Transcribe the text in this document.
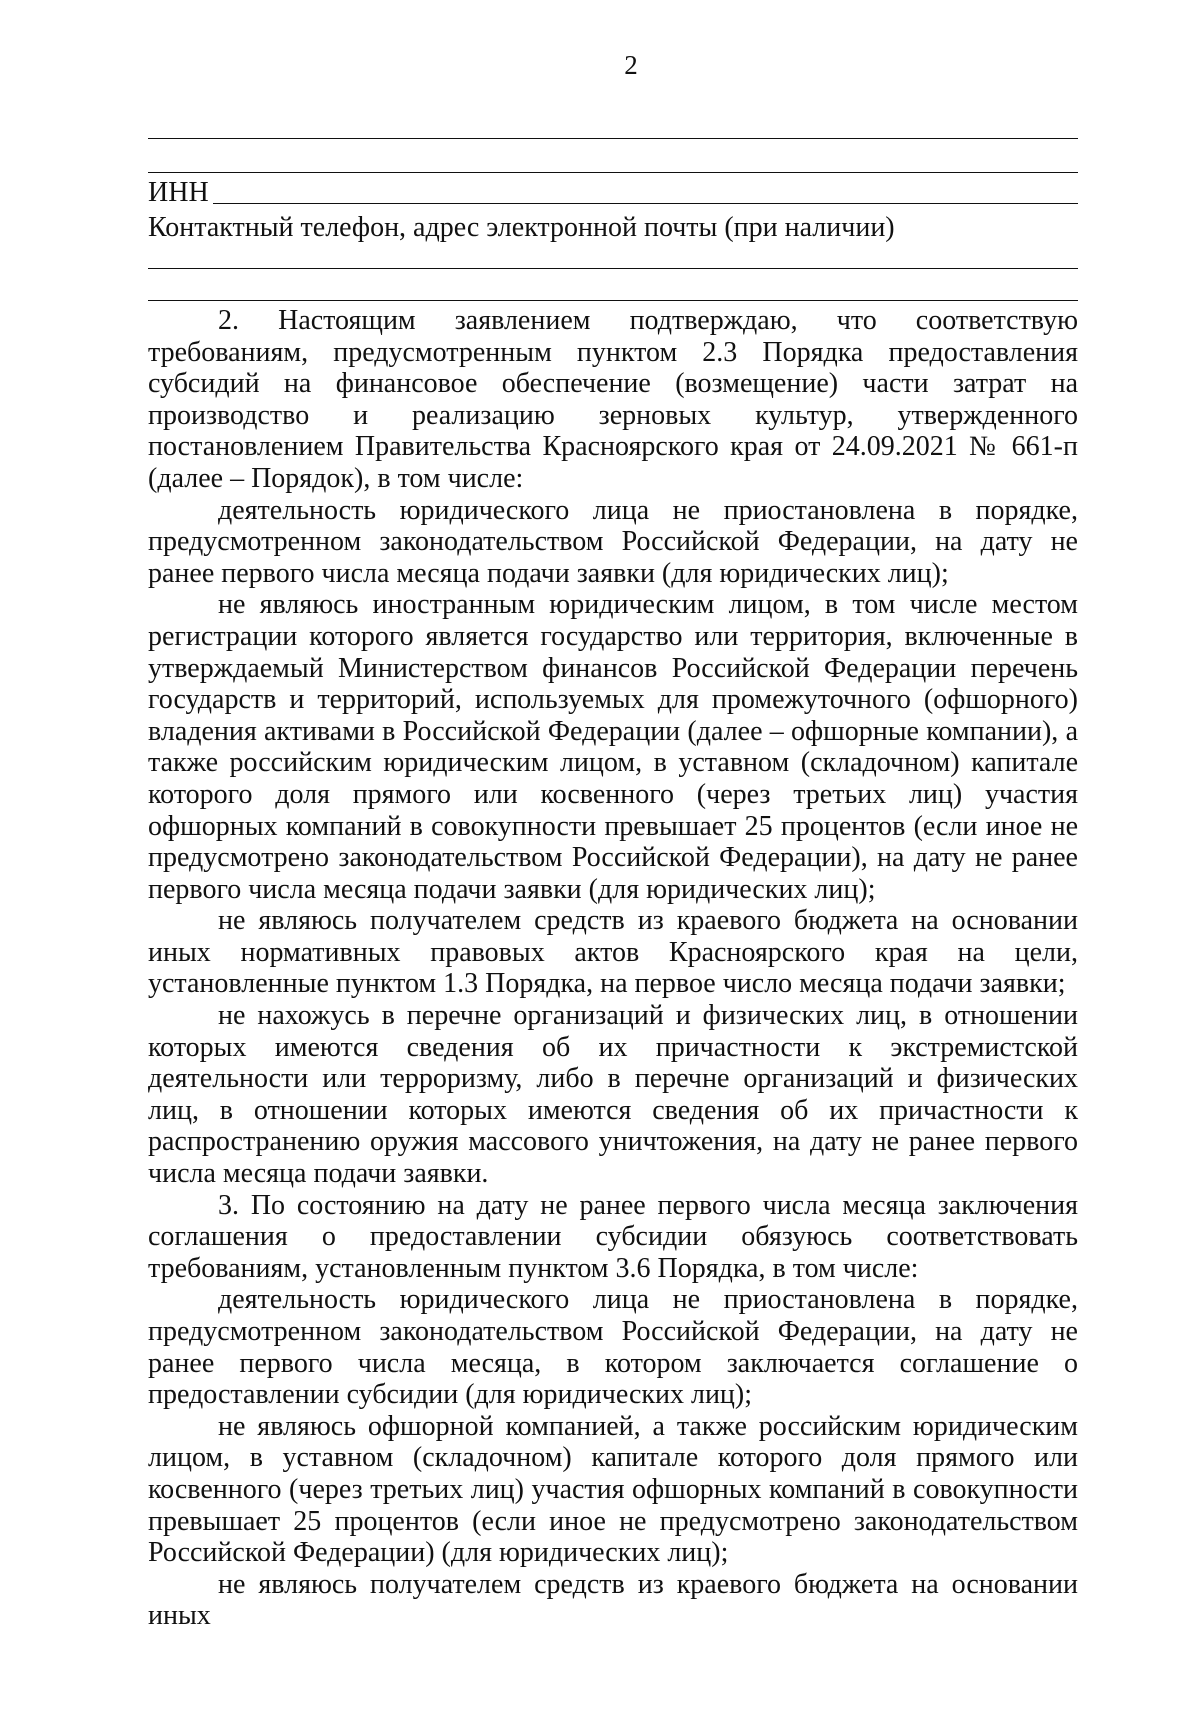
2
ИНН
Контактный телефон, адрес электронной почты (при наличии)

2. Настоящим заявлением подтверждаю, что соответствую требованиям, предусмотренным пунктом 2.3 Порядка предоставления субсидий на финансовое обеспечение (возмещение) части затрат на производство и реализацию зерновых культур, утвержденного постановлением Правительства Красноярского края от 24.09.2021 № 661-п (далее – Порядок), в том числе:

деятельность юридического лица не приостановлена в порядке, предусмотренном законодательством Российской Федерации, на дату не ранее первого числа месяца подачи заявки (для юридических лиц);

не являюсь иностранным юридическим лицом, в том числе местом регистрации которого является государство или территория, включенные в утверждаемый Министерством финансов Российской Федерации перечень государств и территорий, используемых для промежуточного (офшорного) владения активами в Российской Федерации (далее – офшорные компании), а также российским юридическим лицом, в уставном (складочном) капитале которого доля прямого или косвенного (через третьих лиц) участия офшорных компаний в совокупности превышает 25 процентов (если иное не предусмотрено законодательством Российской Федерации), на дату не ранее первого числа месяца подачи заявки (для юридических лиц);

не являюсь получателем средств из краевого бюджета на основании иных нормативных правовых актов Красноярского края на цели, установленные пунктом 1.3 Порядка, на первое число месяца подачи заявки;

не нахожусь в перечне организаций и физических лиц, в отношении которых имеются сведения об их причастности к экстремистской деятельности или терроризму, либо в перечне организаций и физических лиц, в отношении которых имеются сведения об их причастности к распространению оружия массового уничтожения, на дату не ранее первого числа месяца подачи заявки.

3. По состоянию на дату не ранее первого числа месяца заключения соглашения о предоставлении субсидии обязуюсь соответствовать требованиям, установленным пунктом 3.6 Порядка, в том числе:

деятельность юридического лица не приостановлена в порядке, предусмотренном законодательством Российской Федерации, на дату не ранее первого числа месяца, в котором заключается соглашение о предоставлении субсидии (для юридических лиц);

не являюсь офшорной компанией, а также российским юридическим лицом, в уставном (складочном) капитале которого доля прямого или косвенного (через третьих лиц) участия офшорных компаний в совокупности превышает 25 процентов (если иное не предусмотрено законодательством Российской Федерации) (для юридических лиц);

не являюсь получателем средств из краевого бюджета на основании иных
